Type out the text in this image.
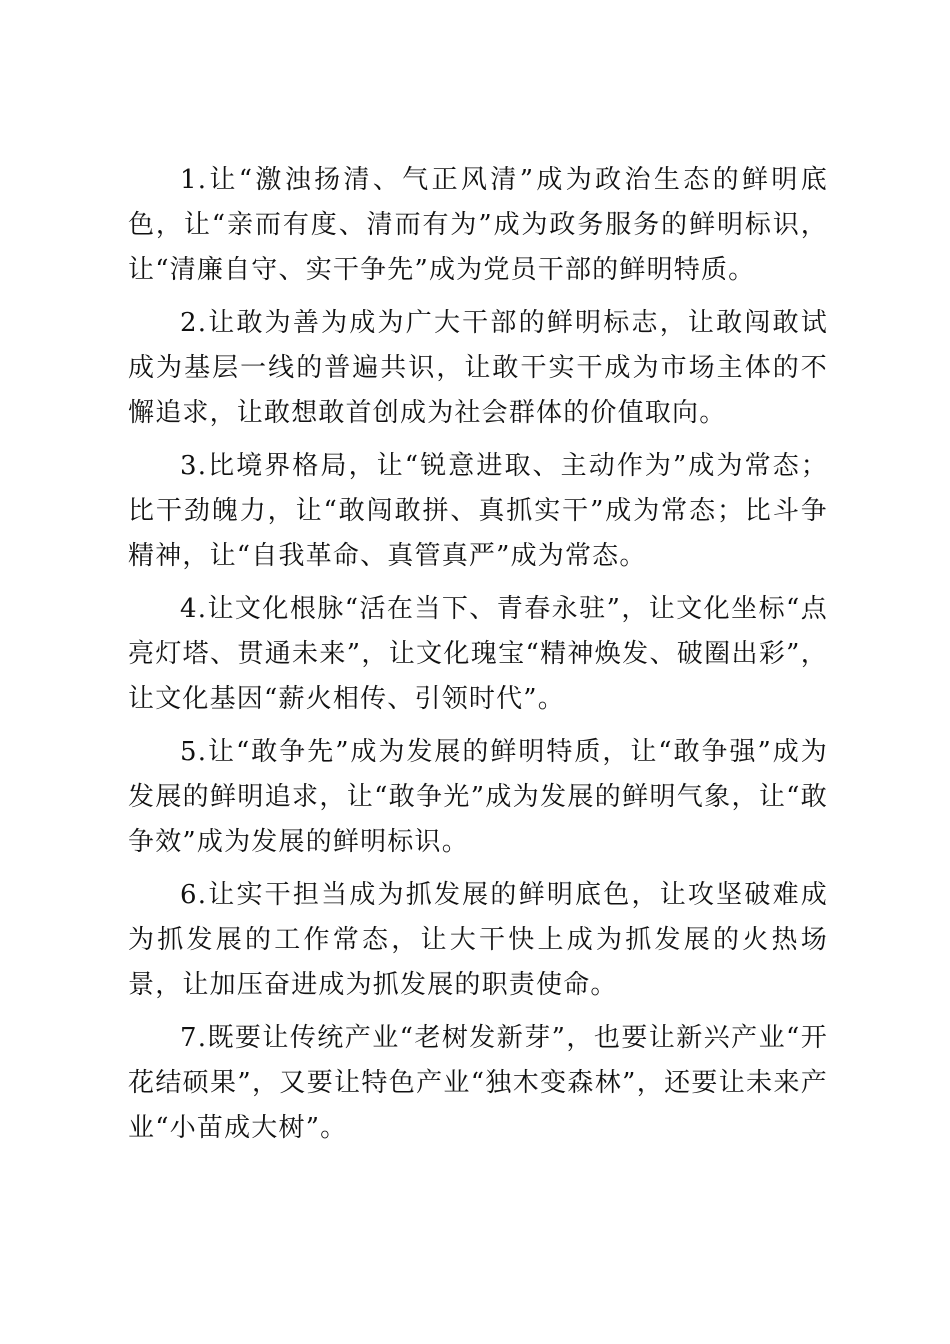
1.让“激浊扬清、气正风清”成为政治生态的鲜明底色，让“亲而有度、清而有为”成为政务服务的鲜明标识，让“清廉自守、实干争先”成为党员干部的鲜明特质。

2.让敢为善为成为广大干部的鲜明标志，让敢闯敢试成为基层一线的普遍共识，让敢干实干成为市场主体的不懈追求，让敢想敢首创成为社会群体的价值取向。

3.比境界格局，让“锐意进取、主动作为”成为常态；比干劲魄力，让“敢闯敢拼、真抓实干”成为常态；比斗争精神，让“自我革命、真管真严”成为常态。

4.让文化根脉“活在当下、青春永驻”，让文化坐标“点亮灯塔、贯通未来”，让文化瑰宝“精神焕发、破圈出彩”，让文化基因“薪火相传、引领时代”。

5.让“敢争先”成为发展的鲜明特质，让“敢争强”成为发展的鲜明追求，让“敢争光”成为发展的鲜明气象，让“敢争效”成为发展的鲜明标识。

6.让实干担当成为抓发展的鲜明底色，让攻坚破难成为抓发展的工作常态，让大干快上成为抓发展的火热场景，让加压奋进成为抓发展的职责使命。

7.既要让传统产业“老树发新芽”，也要让新兴产业“开花结硕果”，又要让特色产业“独木变森林”，还要让未来产业“小苗成大树”。
